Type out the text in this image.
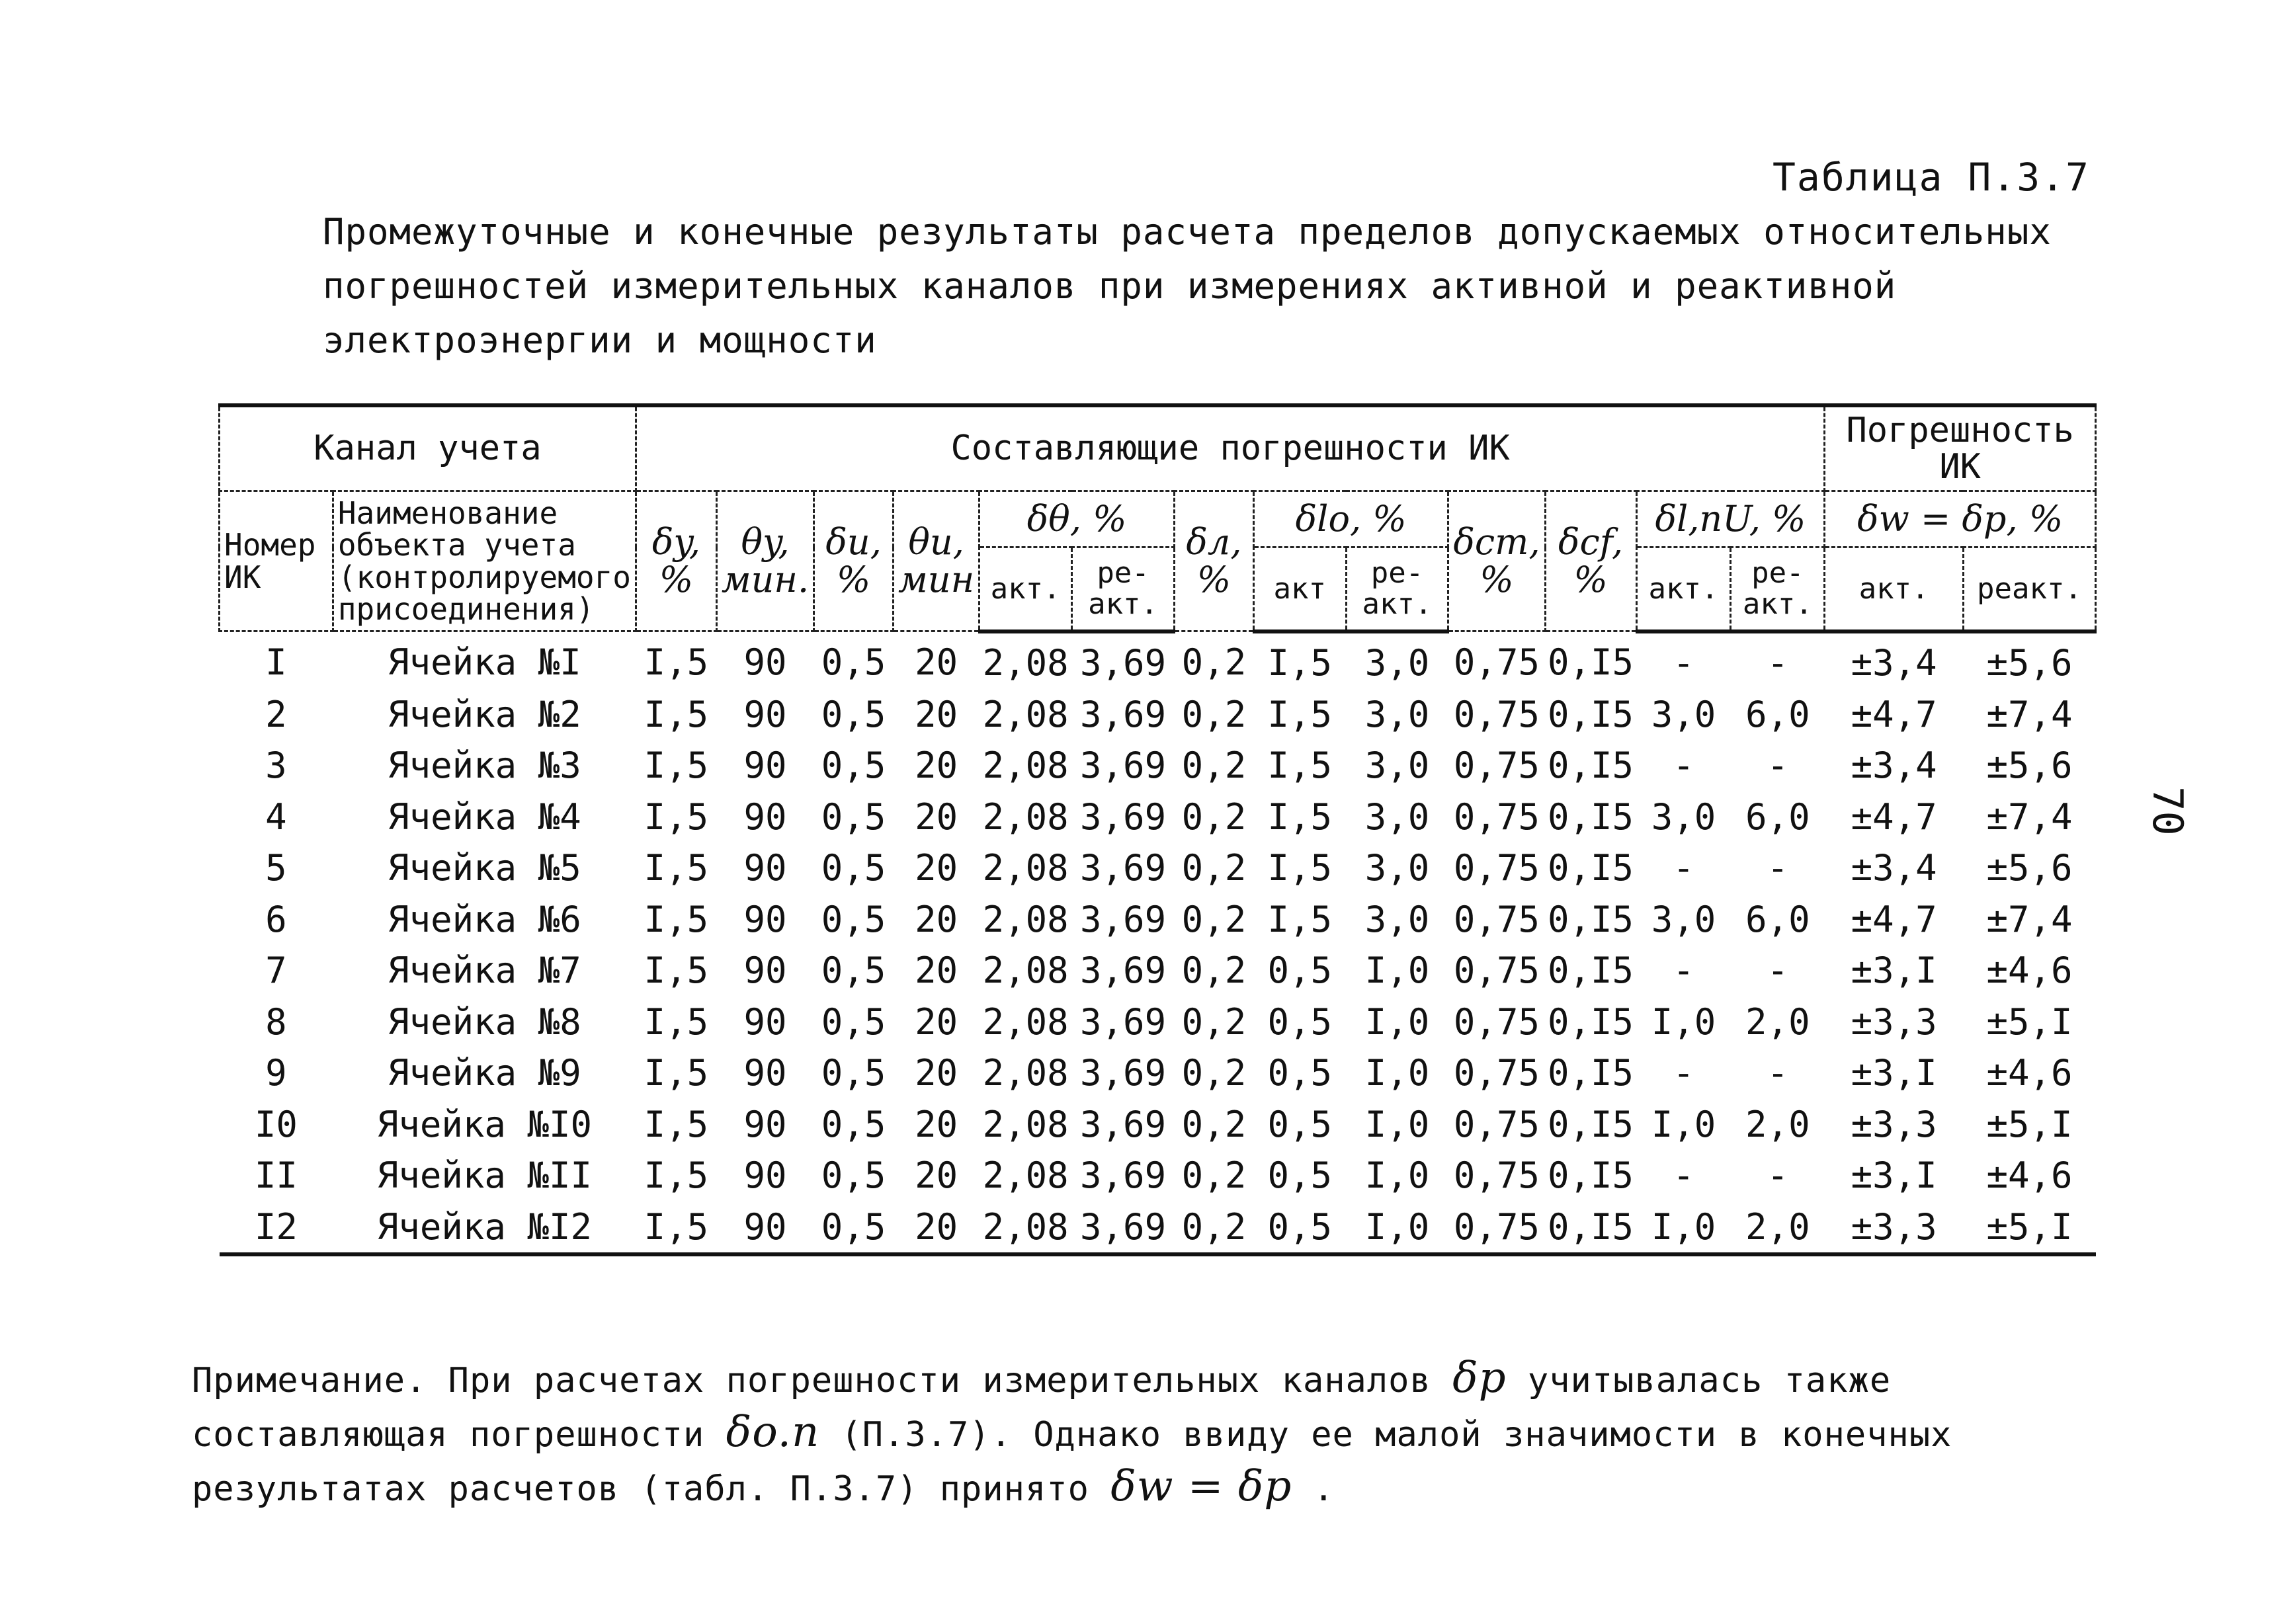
Таблица П.3.7
Промежуточные и конечные результаты расчета пределов допускаемых относительных погрешностей измерительных каналов при измерениях активной и реактивной электроэнергии и мощности
70
Канал учета		Составляющие погрешности ИК													Погрешность ИК	
Номер ИК	Наименование объекта учета (контролируемого присоединения)	δy, %	θy, мин.	δu, %	θu, мин	δθ, %		δл, %	δlo, %		δст, %	δсf, %	δl,nU, %		δw = δp, %	
						акт.	ре-акт.		акт	ре-акт.			акт.	ре-акт.	акт.	реакт.
I	Ячейка №I	I,5	90	0,5	20	2,08	3,69	0,2	I,5	3,0	0,75	0,I5	-	-	±3,4	±5,6
2	Ячейка №2	I,5	90	0,5	20	2,08	3,69	0,2	I,5	3,0	0,75	0,I5	3,0	6,0	±4,7	±7,4
3	Ячейка №3	I,5	90	0,5	20	2,08	3,69	0,2	I,5	3,0	0,75	0,I5	-	-	±3,4	±5,6
4	Ячейка №4	I,5	90	0,5	20	2,08	3,69	0,2	I,5	3,0	0,75	0,I5	3,0	6,0	±4,7	±7,4
5	Ячейка №5	I,5	90	0,5	20	2,08	3,69	0,2	I,5	3,0	0,75	0,I5	-	-	±3,4	±5,6
6	Ячейка №6	I,5	90	0,5	20	2,08	3,69	0,2	I,5	3,0	0,75	0,I5	3,0	6,0	±4,7	±7,4
7	Ячейка №7	I,5	90	0,5	20	2,08	3,69	0,2	0,5	I,0	0,75	0,I5	-	-	±3,I	±4,6
8	Ячейка №8	I,5	90	0,5	20	2,08	3,69	0,2	0,5	I,0	0,75	0,I5	I,0	2,0	±3,3	±5,I
9	Ячейка №9	I,5	90	0,5	20	2,08	3,69	0,2	0,5	I,0	0,75	0,I5	-	-	±3,I	±4,6
I0	Ячейка №I0	I,5	90	0,5	20	2,08	3,69	0,2	0,5	I,0	0,75	0,I5	I,0	2,0	±3,3	±5,I
II	Ячейка №II	I,5	90	0,5	20	2,08	3,69	0,2	0,5	I,0	0,75	0,I5	-	-	±3,I	±4,6
I2	Ячейка №I2	I,5	90	0,5	20	2,08	3,69	0,2	0,5	I,0	0,75	0,I5	I,0	2,0	±3,3	±5,I
Примечание. При расчетах погрешности измерительных каналов δp учитывалась также составляющая погрешности δo.п (П.3.7). Однако ввиду ее малой значимости в конечных результатах расчетов (табл. П.3.7) принято δw = δp .
